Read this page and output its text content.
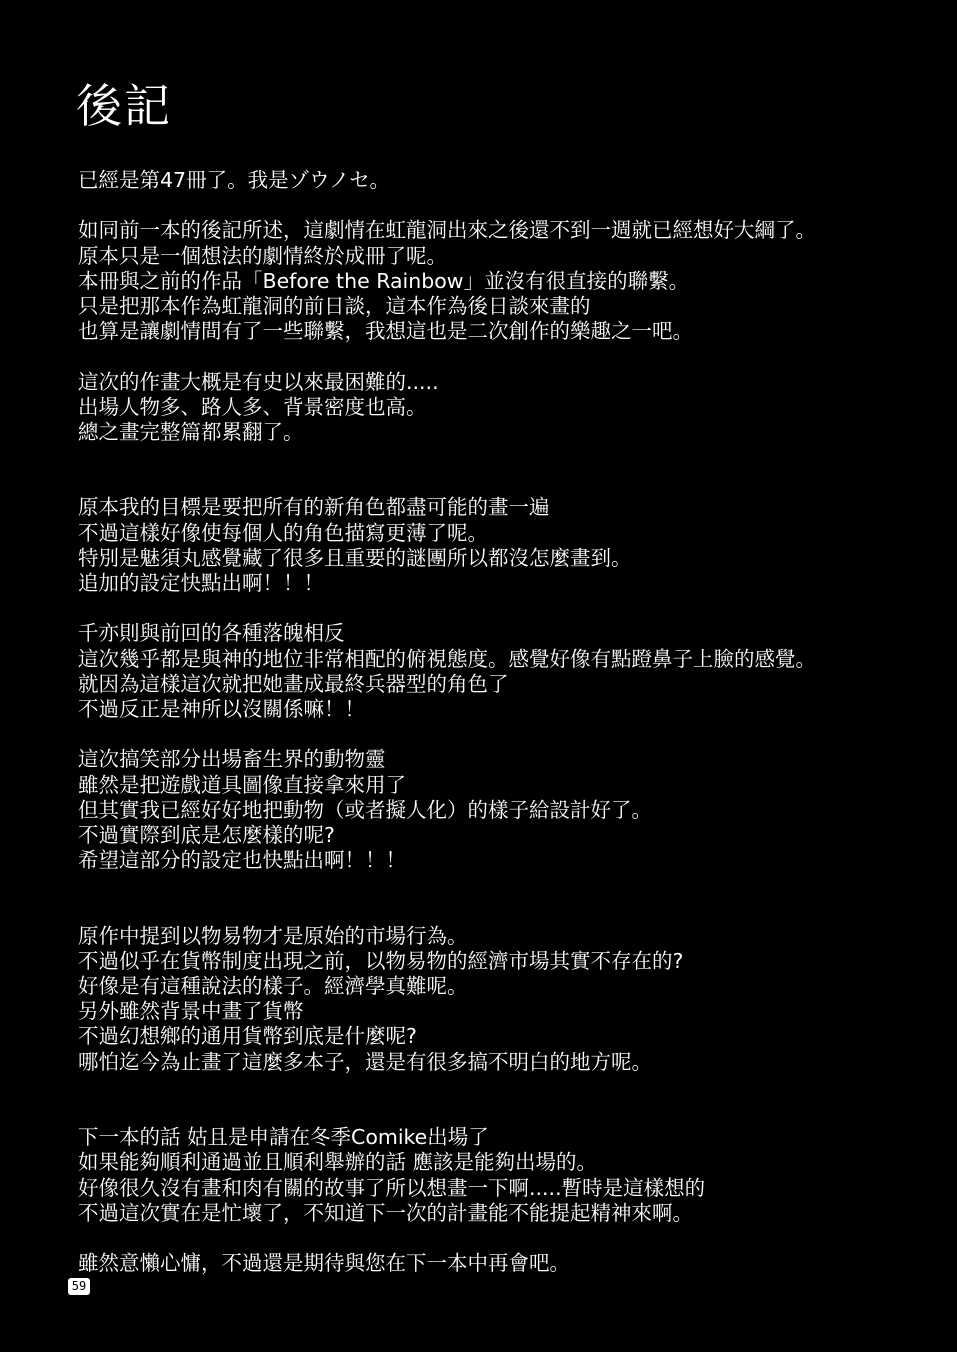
後記
已經是第47冊了。我是ゾウノセ。
如同前一本的後記所述，這劇情在虹龍洞出來之後還不到一週就已經想好大綱了。
原本只是一個想法的劇情終於成冊了呢。
本冊與之前的作品「Before the Rainbow」並沒有很直接的聯繫。
只是把那本作為虹龍洞的前日談，這本作為後日談來畫的
也算是讓劇情間有了一些聯繫，我想這也是二次創作的樂趣之一吧。
這次的作畫大概是有史以來最困難的.....
出場人物多、路人多、背景密度也高。
總之畫完整篇都累翻了。
原本我的目標是要把所有的新角色都盡可能的畫一遍
不過這樣好像使每個人的角色描寫更薄了呢。
特別是魅須丸感覺藏了很多且重要的謎團所以都沒怎麼畫到。
追加的設定快點出啊！！！
千亦則與前回的各種落魄相反
這次幾乎都是與神的地位非常相配的俯視態度。感覺好像有點蹬鼻子上臉的感覺。
就因為這樣這次就把她畫成最終兵器型的角色了
不過反正是神所以沒關係嘛！！
這次搞笑部分出場畜生界的動物靈
雖然是把遊戲道具圖像直接拿來用了
但其實我已經好好地把動物（或者擬人化）的樣子給設計好了。
不過實際到底是怎麼樣的呢?
希望這部分的設定也快點出啊！！！
原作中提到以物易物才是原始的市場行為。
不過似乎在貨幣制度出現之前，以物易物的經濟市場其實不存在的?
好像是有這種說法的樣子。經濟學真難呢。
另外雖然背景中畫了貨幣
不過幻想鄉的通用貨幣到底是什麼呢?
哪怕迄今為止畫了這麼多本子，還是有很多搞不明白的地方呢。
下一本的話 姑且是申請在冬季Comike出場了
如果能夠順利通過並且順利舉辦的話 應該是能夠出場的。
好像很久沒有畫和肉有關的故事了所以想畫一下啊.....暫時是這樣想的
不過這次實在是忙壞了，不知道下一次的計畫能不能提起精神來啊。
雖然意懶心慵，不過還是期待與您在下一本中再會吧。
59
